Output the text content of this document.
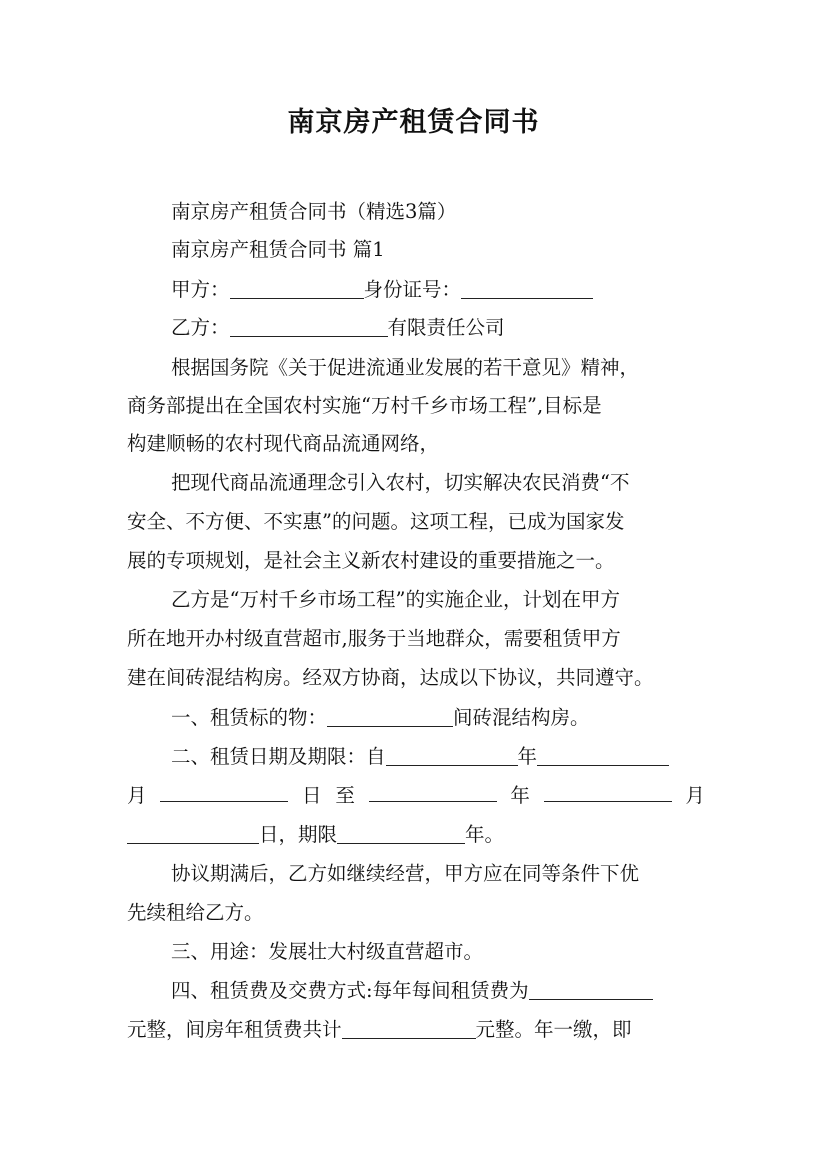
南京房产租赁合同书
南京房产租赁合同书（精选3篇）
南京房产租赁合同书 篇1
甲方：	身份证号：
乙方：	有限责任公司
根据国务院《关于促进流通业发展的若干意见》精神，
商务部提出在全国农村实施“万村千乡市场工程”,目标是
构建顺畅的农村现代商品流通网络，
把现代商品流通理念引入农村，切实解决农民消费“不
安全、不方便、不实惠”的问题。这项工程，已成为国家发
展的专项规划，是社会主义新农村建设的重要措施之一。
乙方是“万村千乡市场工程”的实施企业，计划在甲方
所在地开办村级直营超市,服务于当地群众，需要租赁甲方
建在间砖混结构房。经双方协商，达成以下协议，共同遵守。
一、租赁标的物：	间砖混结构房。
二、租赁日期及期限：自	年
月	日 至	年	月
日，期限	年。
协议期满后，乙方如继续经营，甲方应在同等条件下优
先续租给乙方。
三、用途：发展壮大村级直营超市。
四、租赁费及交费方式:每年每间租赁费为
元整，间房年租赁费共计	元整。年一缴，即
